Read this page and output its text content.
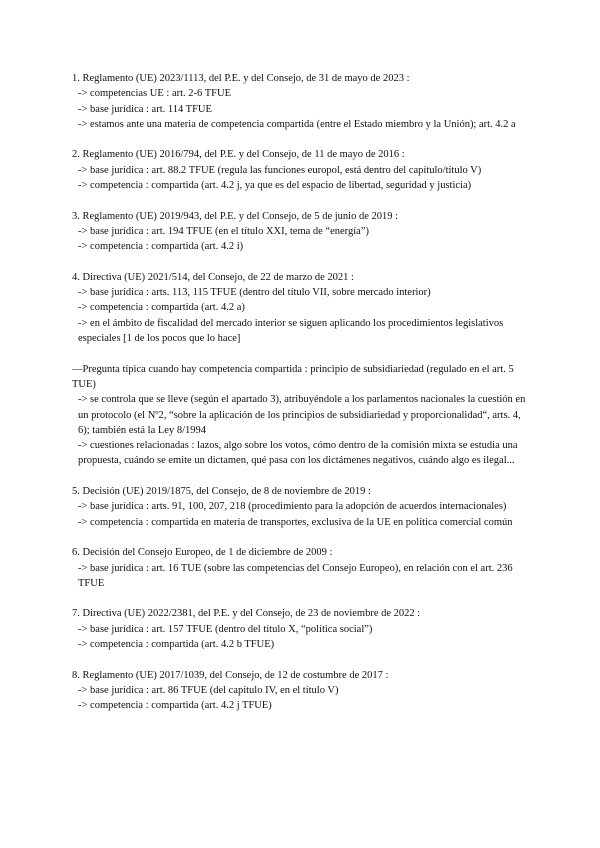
1. Reglamento (UE) 2023/1113, del P.E. y del Consejo, de 31 de mayo de 2023 :
-> competencias UE : art. 2-6 TFUE
-> base jurídica : art. 114 TFUE
-> estamos ante una materia de competencia compartida (entre el Estado miembro y la Unión); art. 4.2 a
2. Reglamento (UE) 2016/794, del P.E. y del Consejo, de 11 de mayo de 2016 :
-> base jurídica : art. 88.2 TFUE (regula las funciones europol, está dentro del capítulo/título V)
-> competencia : compartida (art. 4.2 j, ya que es del espacio de libertad, seguridad y justicia)
3. Reglamento (UE) 2019/943, del P.E. y del Consejo, de 5 de junio de 2019 :
-> base jurídica : art. 194 TFUE (en el título XXI, tema de “energía”)
-> competencia : compartida (art. 4.2 i)
4. Directiva (UE) 2021/514, del Consejo, de 22 de marzo de 2021 :
-> base jurídica : arts. 113, 115 TFUE (dentro del título VII, sobre mercado interior)
-> competencia : compartida (art. 4.2 a)
-> en el ámbito de fiscalidad del mercado interior se siguen aplicando los procedimientos legislativos especiales [1 de los pocos que lo hace]
—Pregunta típica cuando hay competencia compartida : principio de subsidiariedad (regulado en el art. 5 TUE)
-> se controla que se lleve (según el apartado 3), atribuyéndole a los parlamentos nacionales la cuestión en un protocolo (el Nº2, “sobre la aplicación de los principios de subsidiariedad y proporcionalidad“, arts. 4, 6); también está la Ley 8/1994
-> cuestiones relacionadas : lazos, algo sobre los votos, cómo dentro de la comisión mixta se estudia una propuesta, cuándo se emite un dictamen, qué pasa con los dictámenes negativos, cuándo algo es ilegal...
5. Decisión (UE) 2019/1875, del Consejo, de 8 de noviembre de 2019 :
-> base jurídica : arts. 91, 100, 207, 218 (procedimiento para la adopción de acuerdos internacionales)
-> competencia : compartida en materia de transportes, exclusiva de la UE en política comercial común
6. Decisión del Consejo Europeo, de 1 de diciembre de 2009 :
-> base jurídica : art. 16 TUE (sobre las competencias del Consejo Europeo), en relación con el art. 236 TFUE
7. Directiva (UE) 2022/2381, del P.E. y del Consejo, de 23 de noviembre de 2022 :
-> base jurídica : art. 157 TFUE (dentro del título X, “política social”)
-> competencia : compartida (art. 4.2 b TFUE)
8. Reglamento (UE) 2017/1039, del Consejo, de 12 de costumbre de 2017 :
-> base jurídica : art. 86 TFUE (del capítulo IV, en el título V)
-> competencia : compartida (art. 4.2 j TFUE)
